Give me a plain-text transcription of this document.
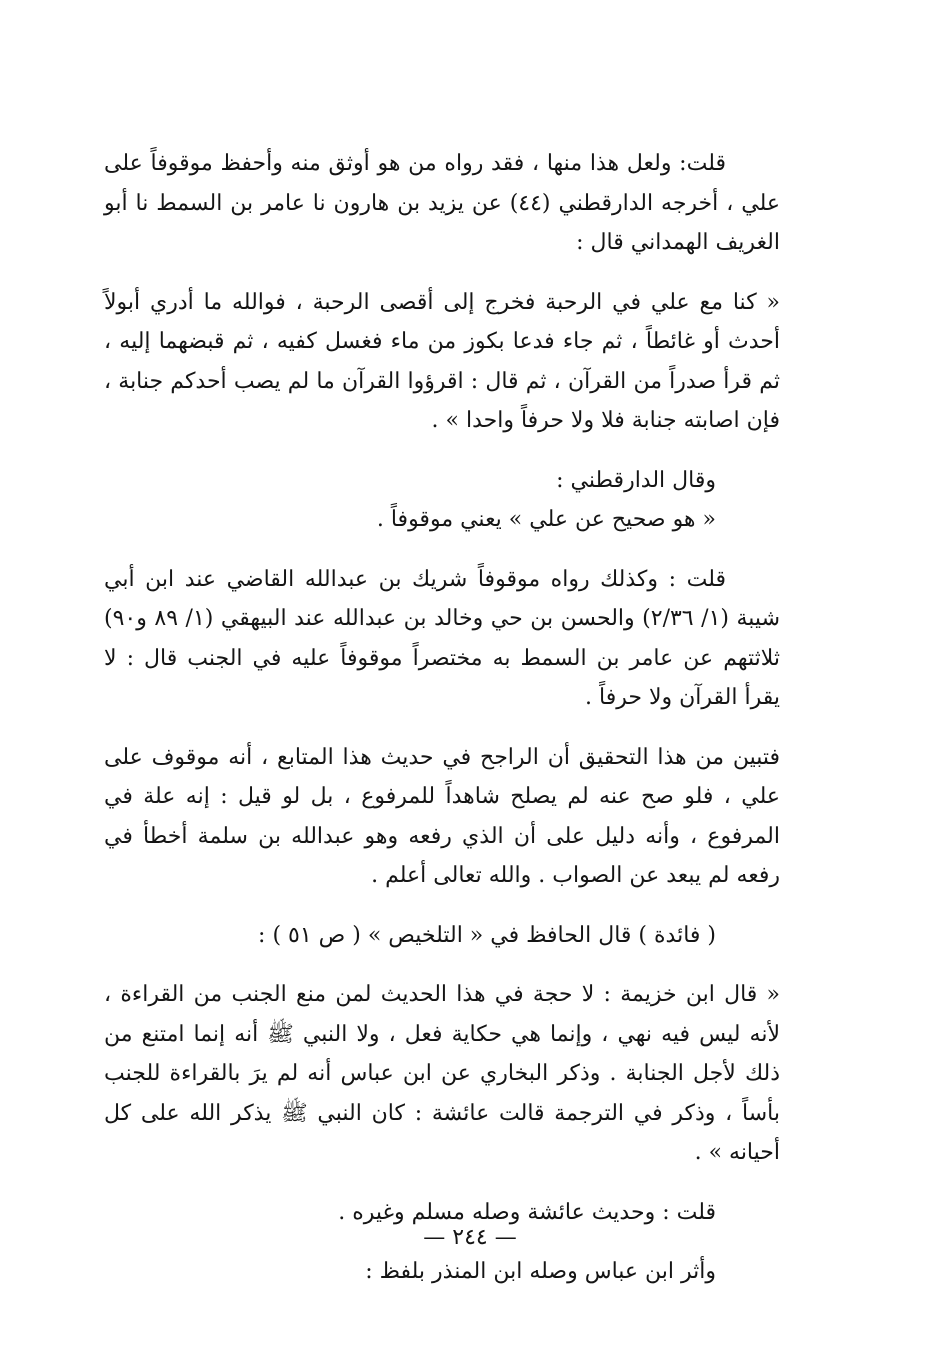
قلت: ولعل هذا منها ، فقد رواه من هو أوثق منه وأحفظ موقوفاً على علي ، أخرجه الدارقطني (٤٤) عن يزيد بن هارون نا عامر بن السمط نا أبو الغريف الهمداني قال :

« كنا مع علي في الرحبة فخرج إلى أقصى الرحبة ، فوالله ما أدري أبولاً أحدث أو غائطاً ، ثم جاء فدعا بكوز من ماء فغسل كفيه ، ثم قبضهما إليه ، ثم قرأ صدراً من القرآن ، ثم قال : اقرؤوا القرآن ما لم يصب أحدكم جنابة ، فإن اصابته جنابة فلا ولا حرفاً واحدا » .

وقال الدارقطني :

« هو صحيح عن علي » يعني موقوفاً .

قلت : وكذلك رواه موقوفاً شريك بن عبدالله القاضي عند ابن أبي شيبة (١/ ٢/٣٦) والحسن بن حي وخالد بن عبدالله عند البيهقي (١/ ٨٩ و٩٠) ثلاثتهم عن عامر بن السمط به مختصراً موقوفاً عليه في الجنب قال : لا يقرأ القرآن ولا حرفاً .

فتبين من هذا التحقيق أن الراجح في حديث هذا المتابع ، أنه موقوف على علي ، فلو صح عنه لم يصلح شاهداً للمرفوع ، بل لو قيل : إنه علة في المرفوع ، وأنه دليل على أن الذي رفعه وهو عبدالله بن سلمة أخطأ في رفعه لم يبعد عن الصواب . والله تعالى أعلم .

( فائدة ) قال الحافظ في « التلخيص » ( ص ٥١ ) :

« قال ابن خزيمة : لا حجة في هذا الحديث لمن منع الجنب من القراءة ، لأنه ليس فيه نهي ، وإنما هي حكاية فعل ، ولا النبي ﷺ أنه إنما امتنع من ذلك لأجل الجنابة . وذكر البخاري عن ابن عباس أنه لم يرَ بالقراءة للجنب بأساً ، وذكر في الترجمة قالت عائشة : كان النبي ﷺ يذكر الله على كل أحيانه » .

قلت : وحديث عائشة وصله مسلم وغيره .

وأثر ابن عباس وصله ابن المنذر بلفظ :

— ٢٤٤ —
